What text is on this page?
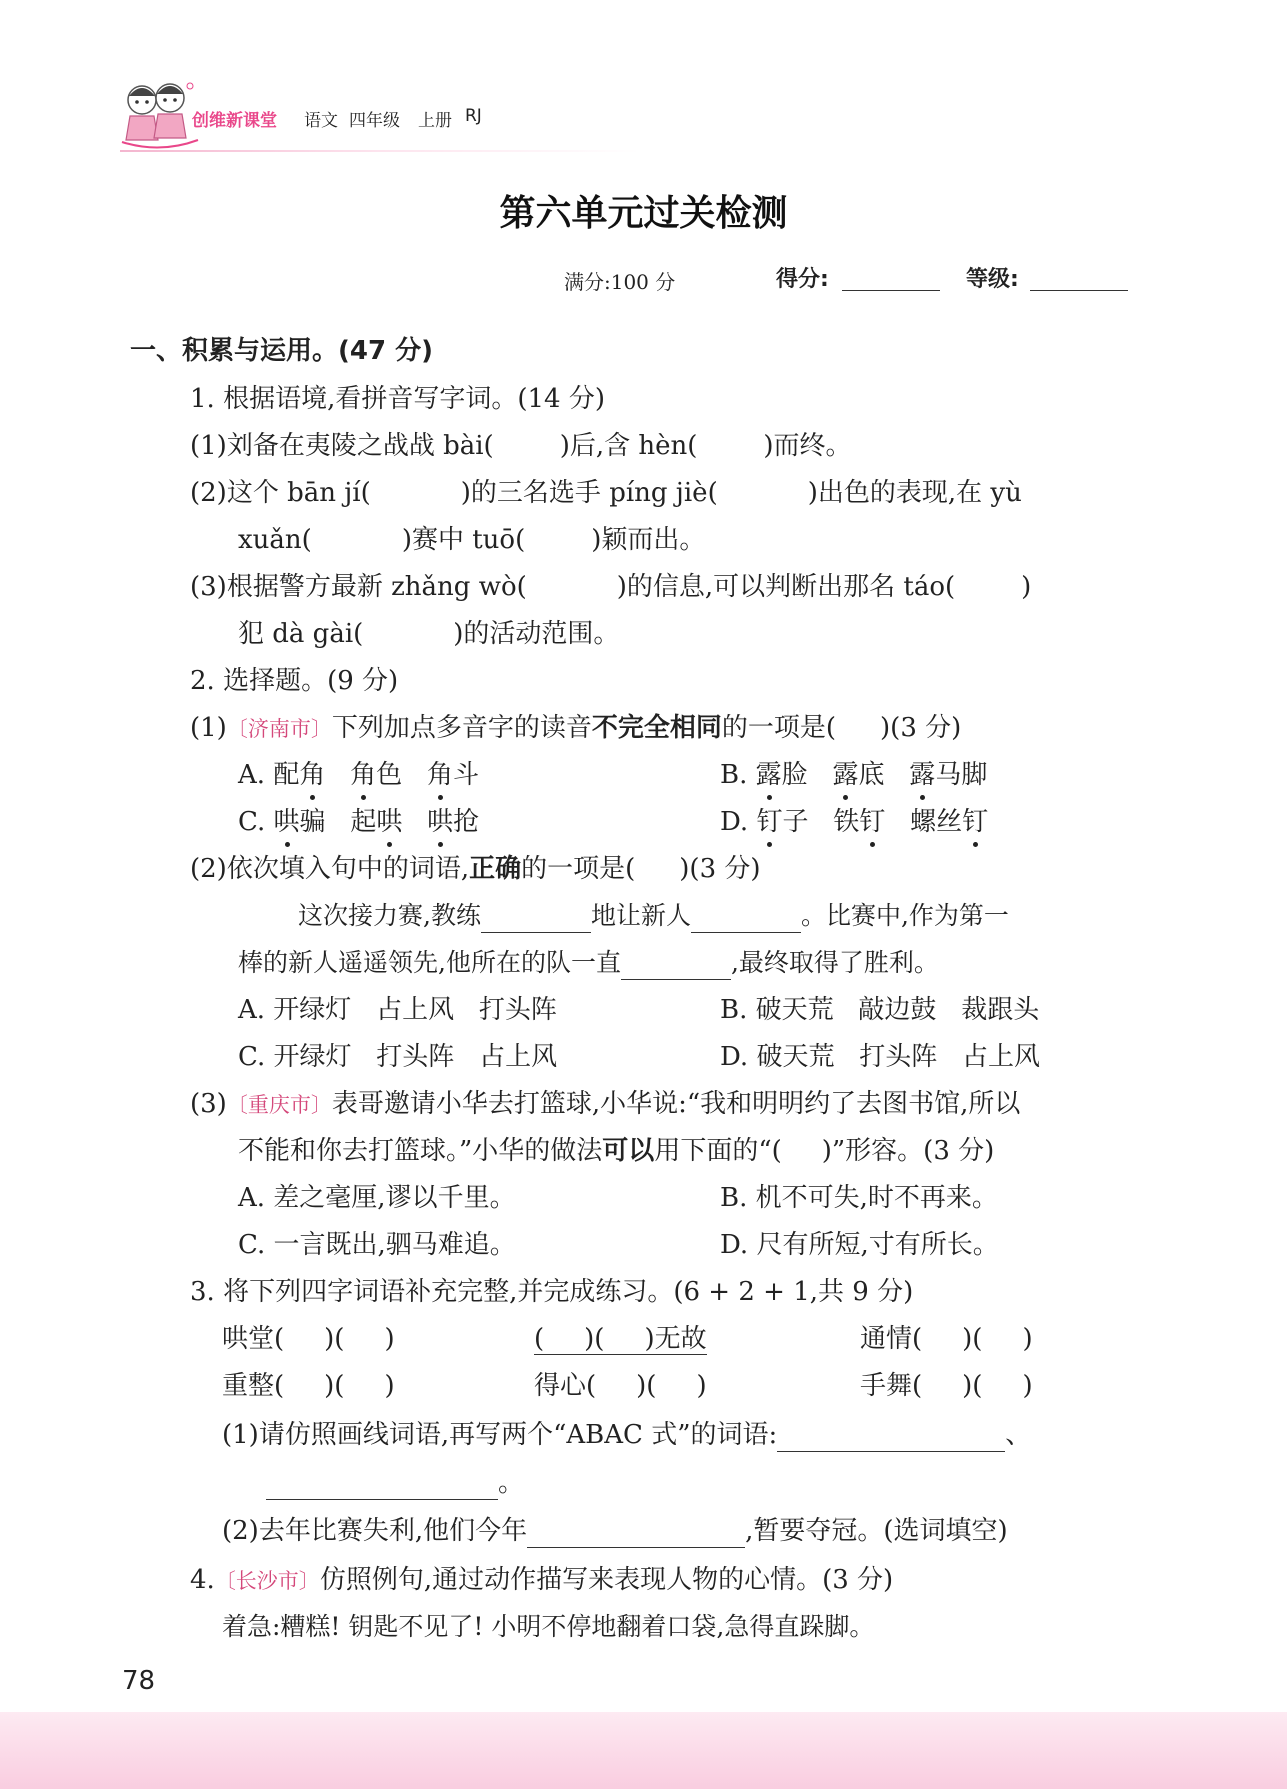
创维新课堂 语文 四年级 上册 RJ
第六单元过关检测
满分:100 分	得分:	等级:
一、积累与运用。(47 分)
1. 根据语境,看拼音写字词。(14 分)
(1)刘备在夷陵之战战 bài(	)后,含 hèn(	)而终。
(2)这个 bān jí(	)的三名选手 píng jiè(	)出色的表现,在 yù
xuǎn(	)赛中 tuō(	)颖而出。
(3)根据警方最新 zhǎng wò(	)的信息,可以判断出那名 táo(	)
犯 dà gài(	)的活动范围。
2. 选择题。(9 分)
(1)〔济南市〕下列加点多音字的读音不完全相同的一项是( )(3 分)
A. 配角 角色 角斗	B. 露脸 露底 露马脚
C. 哄骗 起哄 哄抢	D. 钉子 铁钉 螺丝钉
(2)依次填入句中的词语,正确的一项是( )(3 分)
这次接力赛,教练	地让新人	。比赛中,作为第一
棒的新人遥遥领先,他所在的队一直	,最终取得了胜利。
A. 开绿灯   占上风   打头阵	B. 破天荒   敲边鼓   裁跟头
C. 开绿灯   打头阵   占上风	D. 破天荒   打头阵   占上风
(3)〔重庆市〕表哥邀请小华去打篮球,小华说:“我和明明约了去图书馆,所以
不能和你去打篮球。”小华的做法可以用下面的“( )”形容。(3 分)
A. 差之毫厘,谬以千里。	B. 机不可失,时不再来。
C. 一言既出,驷马难追。	D. 尺有所短,寸有所长。
3. 将下列四字词语补充完整,并完成练习。(6 + 2 + 1,共 9 分)
哄堂( )( )	( )( )无故	通情( )( )
重整( )( )	得心( )( )	手舞( )( )
(1)请仿照画线词语,再写两个“ABAC 式”的词语:	、
。
(2)去年比赛失利,他们今年	,暂要夺冠。(选词填空)
4.〔长沙市〕仿照例句,通过动作描写来表现人物的心情。(3 分)
着急:糟糕! 钥匙不见了! 小明不停地翻着口袋,急得直跺脚。
78
